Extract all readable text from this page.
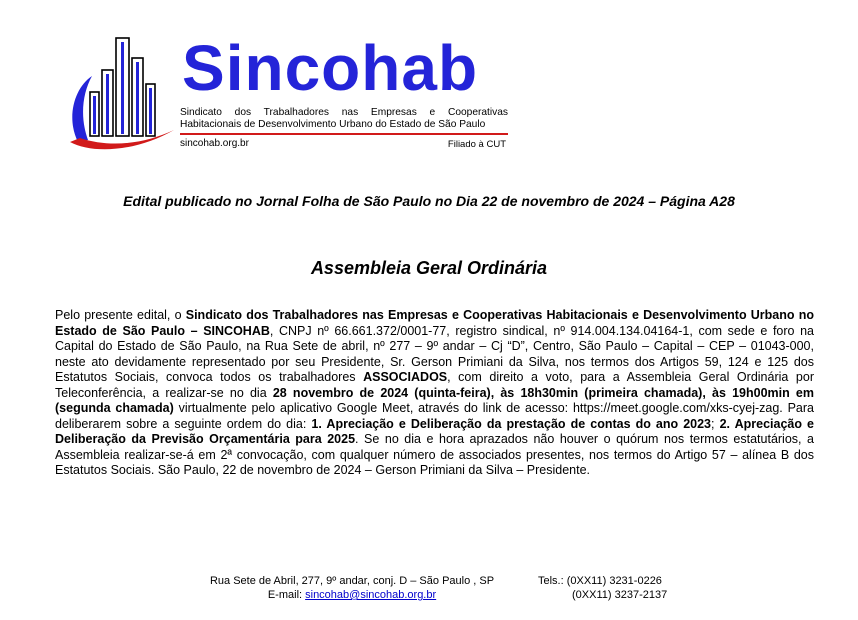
Sincohab
Sindicato dos Trabalhadores nas Empresas e Cooperativas
Habitacionais de Desenvolvimento Urbano do Estado de São Paulo
sincohab.org.br	Filiado à CUT

Edital publicado no Jornal Folha de São Paulo no Dia 22 de novembro de 2024 – Página A28

Assembleia Geral Ordinária

Pelo presente edital, o Sindicato dos Trabalhadores nas Empresas e Cooperativas Habitacionais e Desenvolvimento Urbano no Estado de São Paulo – SINCOHAB, CNPJ nº 66.661.372/0001-77, registro sindical, nº 914.004.134.04164-1, com sede e foro na Capital do Estado de São Paulo, na Rua Sete de abril, nº 277 – 9º andar – Cj “D”, Centro, São Paulo – Capital – CEP – 01043-000, neste ato devidamente representado por seu Presidente, Sr. Gerson Primiani da Silva, nos termos dos Artigos 59, 124 e 125 dos Estatutos Sociais, convoca todos os trabalhadores ASSOCIADOS, com direito a voto, para a Assembleia Geral Ordinária por Teleconferência, a realizar-se no dia 28 novembro de 2024 (quinta-feira), às 18h30min (primeira chamada), às 19h00min em (segunda chamada) virtualmente pelo aplicativo Google Meet, através do link de acesso: https://meet.google.com/xks-cyej-zag. Para deliberarem sobre a seguinte ordem do dia: 1. Apreciação e Deliberação da prestação de contas do ano 2023; 2. Apreciação e Deliberação da Previsão Orçamentária para 2025. Se no dia e hora aprazados não houver o quórum nos termos estatutários, a Assembleia realizar-se-á em 2ª convocação, com qualquer número de associados presentes, nos termos do Artigo 57 – alínea B dos Estatutos Sociais. São Paulo, 22 de novembro de 2024 – Gerson Primiani da Silva – Presidente.

Rua Sete de Abril, 277, 9º andar, conj. D – São Paulo , SP
E-mail: sincohab@sincohab.org.br
Tels.: (0XX11) 3231-0226
(0XX11) 3237-2137
